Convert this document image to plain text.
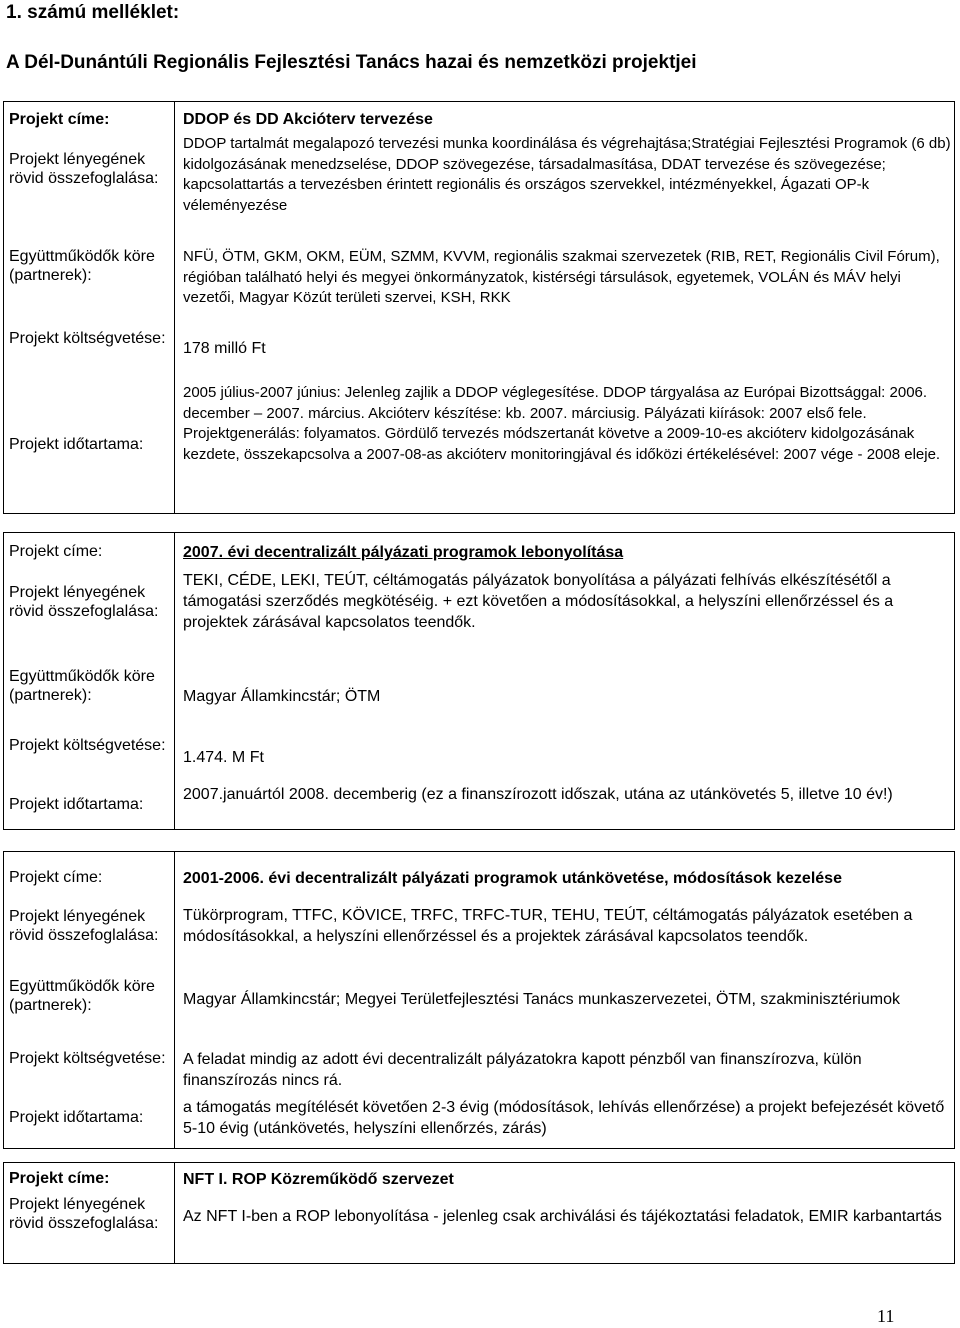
1. számú melléklet:
A Dél-Dunántúli Regionális Fejlesztési Tanács hazai és nemzetközi projektjei
Projekt címe:	DDOP és DD Akcióterv tervezése
Projekt lényegének rövid összefoglalása:
DDOP tartalmát megalapozó tervezési munka koordinálása és végrehajtása;Stratégiai Fejlesztési Programok (6 db) kidolgozásának menedzselése, DDOP szövegezése, társadalmasítása, DDAT tervezése és szövegezése; kapcsolattartás a tervezésben érintett regionális és országos szervekkel, intézményekkel, Ágazati OP-k véleményezése
Együttműködők köre (partnerek):
NFÜ, ÖTM, GKM, OKM, EÜM, SZMM, KVVM, regionális szakmai szervezetek (RIB, RET, Regionális Civil Fórum), régióban található helyi és megyei önkormányzatok, kistérségi társulások, egyetemek, VOLÁN és MÁV helyi vezetői, Magyar Közút területi szervei, KSH, RKK
Projekt költségvetése:
178 milló Ft
Projekt időtartama:
2005 július-2007 június: Jelenleg zajlik a DDOP véglegesítése. DDOP tárgyalása az Európai Bizottsággal: 2006. december – 2007. március. Akcióterv készítése: kb. 2007. márciusig. Pályázati kiírások: 2007 első fele. Projektgenerálás: folyamatos. Gördülő tervezés módszertanát követve a 2009-10-es akcióterv kidolgozásának kezdete, összekapcsolva a 2007-08-as akcióterv monitoringjával és időközi értékelésével: 2007 vége - 2008 eleje.
Projekt címe:	2007. évi decentralizált pályázati programok lebonyolítása
Projekt lényegének rövid összefoglalása:
TEKI, CÉDE, LEKI, TEÚT, céltámogatás pályázatok bonyolítása a pályázati felhívás elkészítésétől a támogatási szerződés megkötéséig. + ezt követően a módosításokkal, a helyszíni ellenőrzéssel és a projektek zárásával kapcsolatos teendők.
Együttműködők köre (partnerek):	Magyar Államkincstár; ÖTM
Projekt költségvetése:
1.474. M Ft
Projekt időtartama:
2007.januártól 2008. decemberig (ez a finanszírozott időszak, utána az utánkövetés 5, illetve 10 év!)
Projekt címe:	2001-2006. évi decentralizált pályázati programok utánkövetése, módosítások kezelése
Projekt lényegének rövid összefoglalása:
Tükörprogram, TTFC, KÖVICE, TRFC, TRFC-TUR, TEHU, TEÚT, céltámogatás pályázatok esetében a módosításokkal, a helyszíni ellenőrzéssel és a projektek zárásával kapcsolatos teendők.
Együttműködők köre (partnerek):	Magyar Államkincstár; Megyei Területfejlesztési Tanács munkaszervezetei, ÖTM, szakminisztériumok
Projekt költségvetése:	A feladat mindig az adott évi decentralizált pályázatokra kapott pénzből van finanszírozva, külön finanszírozás nincs rá.
Projekt időtartama:
a támogatás megítélését követően 2-3 évig (módosítások, lehívás ellenőrzése) a projekt befejezését követő 5-10 évig (utánkövetés, helyszíni ellenőrzés, zárás)
Projekt címe:	NFT I. ROP Közreműködő szervezet
Projekt lényegének rövid összefoglalása:	Az NFT I-ben a ROP lebonyolítása - jelenleg csak archiválási és tájékoztatási feladatok, EMIR karbantartás
11
